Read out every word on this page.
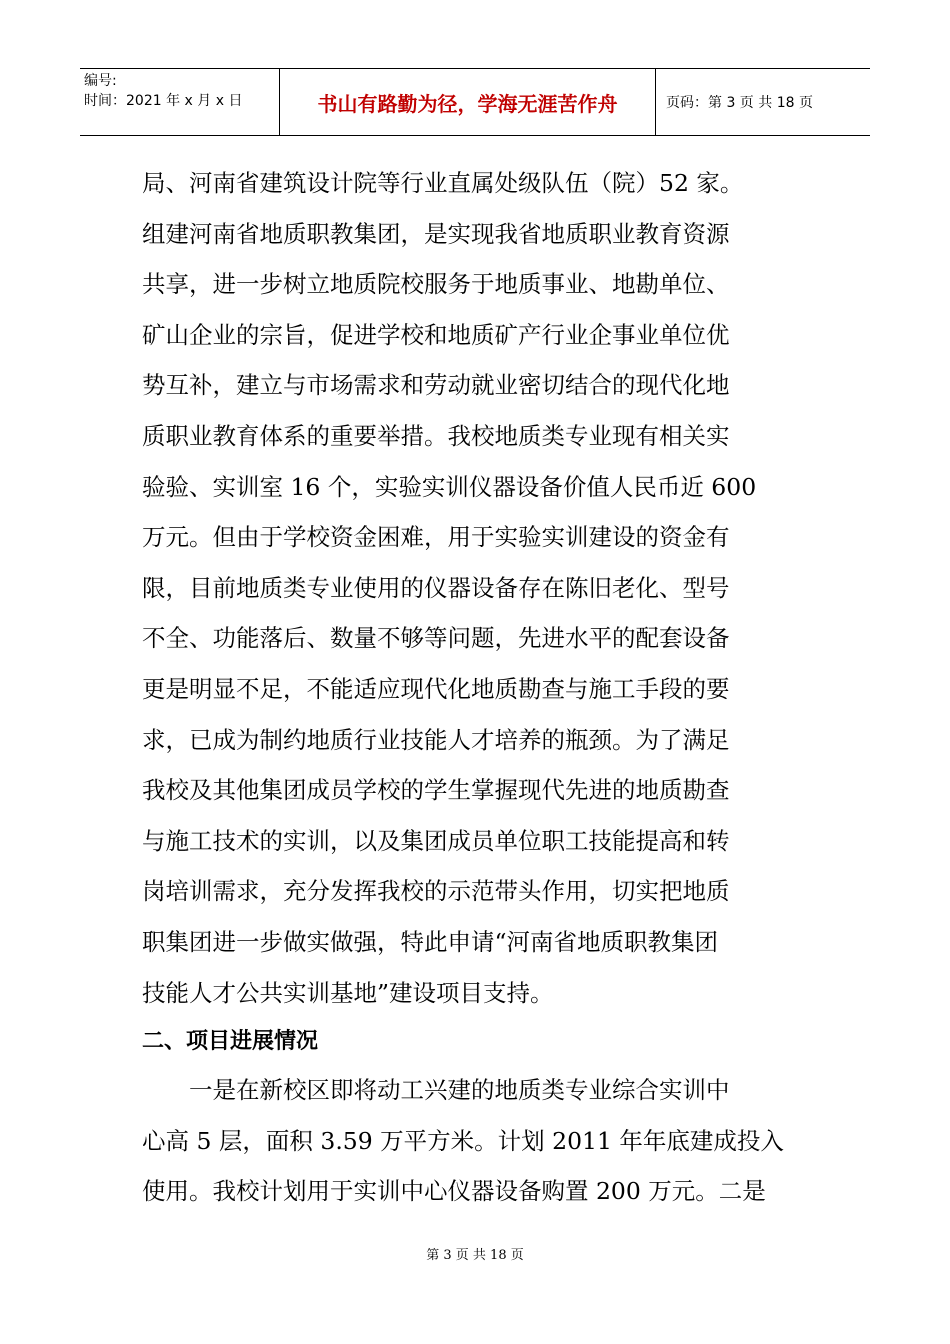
编号:
时间：2021 年 x 月 x 日	书山有路勤为径，学海无涯苦作舟	页码：第 3 页 共 18 页
局、河南省建筑设计院等行业直属处级队伍（院）52 家。
组建河南省地质职教集团，是实现我省地质职业教育资源
共享，进一步树立地质院校服务于地质事业、地勘单位、
矿山企业的宗旨，促进学校和地质矿产行业企事业单位优
势互补，建立与市场需求和劳动就业密切结合的现代化地
质职业教育体系的重要举措。我校地质类专业现有相关实
验验、实训室 16 个，实验实训仪器设备价值人民币近 600
万元。但由于学校资金困难，用于实验实训建设的资金有
限，目前地质类专业使用的仪器设备存在陈旧老化、型号
不全、功能落后、数量不够等问题，先进水平的配套设备
更是明显不足，不能适应现代化地质勘查与施工手段的要
求，已成为制约地质行业技能人才培养的瓶颈。为了满足
我校及其他集团成员学校的学生掌握现代先进的地质勘查
与施工技术的实训，以及集团成员单位职工技能提高和转
岗培训需求，充分发挥我校的示范带头作用，切实把地质
职集团进一步做实做强，特此申请“河南省地质职教集团
技能人才公共实训基地”建设项目支持。
二、项目进展情况
　　一是在新校区即将动工兴建的地质类专业综合实训中
心高 5 层，面积 3.59 万平方米。计划 2011 年年底建成投入
使用。我校计划用于实训中心仪器设备购置 200 万元。二是
第 3 页 共 18 页
